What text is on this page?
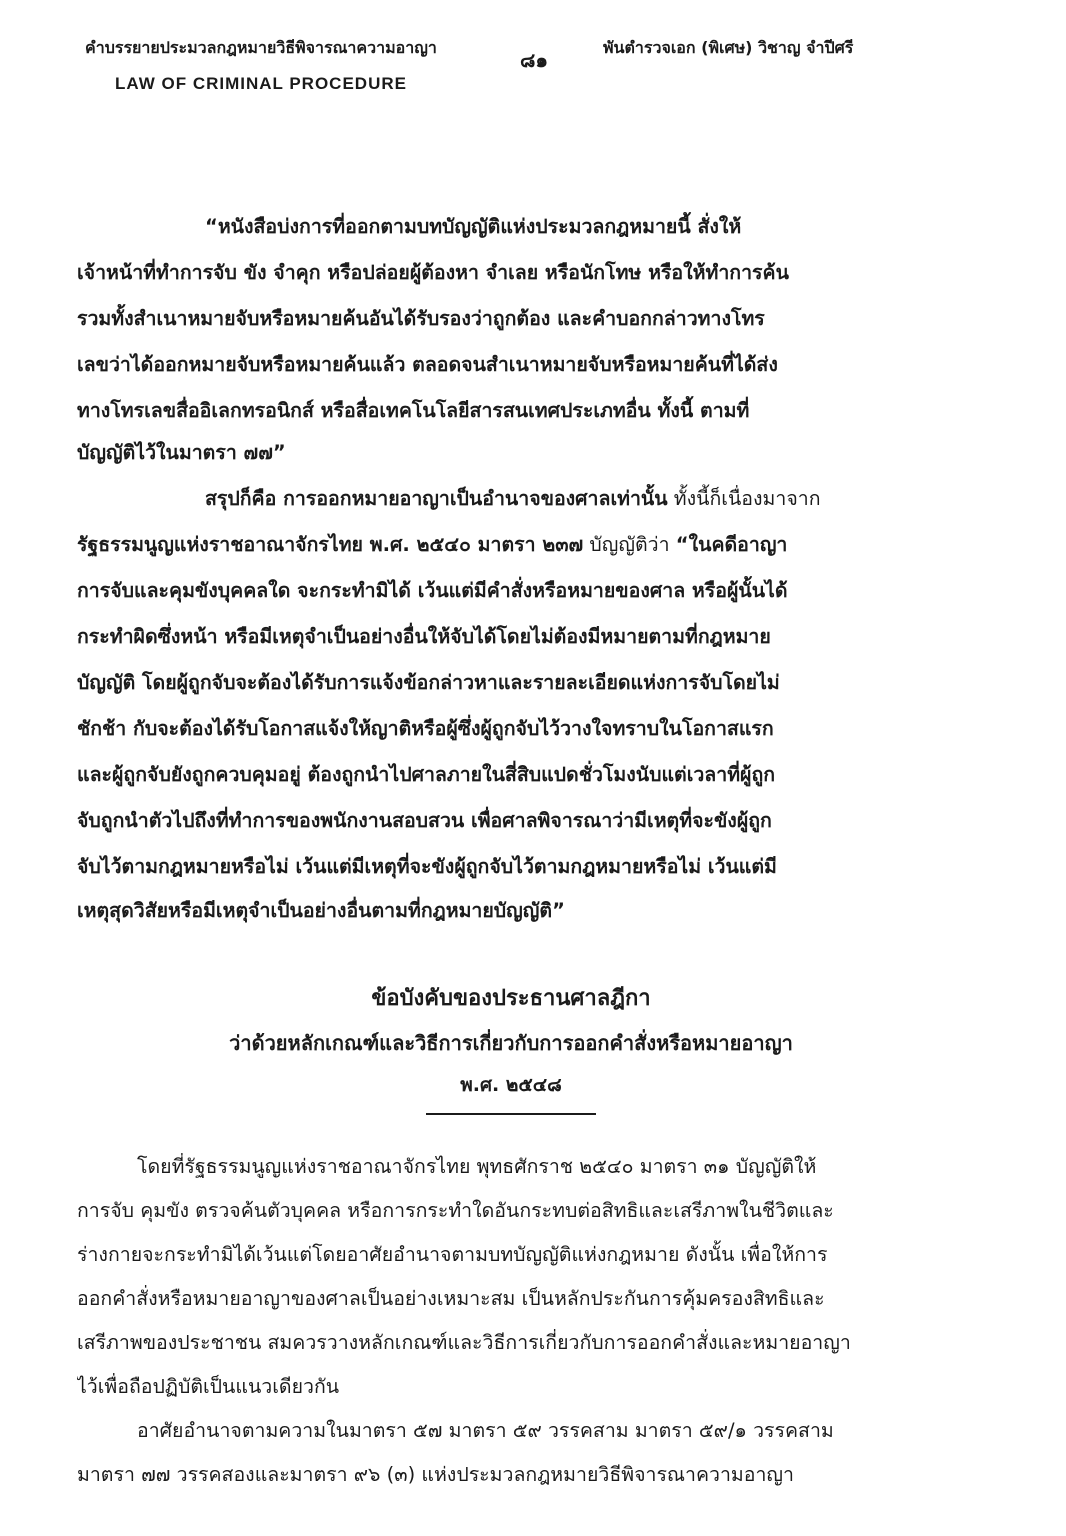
คำบรรยายประมวลกฎหมายวิธีพิจารณาความอาญา
๘๑
พันตำรวจเอก (พิเศษ) วิชาญ จำปีศรี
LAW OF CRIMINAL PROCEDURE
“หนังสือบ่งการที่ออกตามบทบัญญัติแห่งประมวลกฎหมายนี้ สั่งให้
เจ้าหน้าที่ทำการจับ ขัง จำคุก หรือปล่อยผู้ต้องหา จำเลย หรือนักโทษ หรือให้ทำการค้น
รวมทั้งสำเนาหมายจับหรือหมายค้นอันได้รับรองว่าถูกต้อง และคำบอกกล่าวทางโทร
เลขว่าได้ออกหมายจับหรือหมายค้นแล้ว ตลอดจนสำเนาหมายจับหรือหมายค้นที่ได้ส่ง
ทางโทรเลขสื่ออิเลกทรอนิกส์ หรือสื่อเทคโนโลยีสารสนเทศประเภทอื่น ทั้งนี้ ตามที่
บัญญัติไว้ในมาตรา ๗๗”
สรุปก็คือ การออกหมายอาญาเป็นอำนาจของศาลเท่านั้น ทั้งนี้ก็เนื่องมาจาก
รัฐธรรมนูญแห่งราชอาณาจักรไทย พ.ศ. ๒๕๔๐ มาตรา ๒๓๗ บัญญัติว่า “ในคดีอาญา
การจับและคุมขังบุคคลใด จะกระทำมิได้ เว้นแต่มีคำสั่งหรือหมายของศาล หรือผู้นั้นได้
กระทำผิดซึ่งหน้า หรือมีเหตุจำเป็นอย่างอื่นให้จับได้โดยไม่ต้องมีหมายตามที่กฎหมาย
บัญญัติ โดยผู้ถูกจับจะต้องได้รับการแจ้งข้อกล่าวหาและรายละเอียดแห่งการจับโดยไม่
ชักช้า กับจะต้องได้รับโอกาสแจ้งให้ญาติหรือผู้ซึ่งผู้ถูกจับไว้วางใจทราบในโอกาสแรก
และผู้ถูกจับยังถูกควบคุมอยู่ ต้องถูกนำไปศาลภายในสี่สิบแปดชั่วโมงนับแต่เวลาที่ผู้ถูก
จับถูกนำตัวไปถึงที่ทำการของพนักงานสอบสวน เพื่อศาลพิจารณาว่ามีเหตุที่จะขังผู้ถูก
จับไว้ตามกฎหมายหรือไม่ เว้นแต่มีเหตุที่จะขังผู้ถูกจับไว้ตามกฎหมายหรือไม่ เว้นแต่มี
เหตุสุดวิสัยหรือมีเหตุจำเป็นอย่างอื่นตามที่กฎหมายบัญญัติ”
ข้อบังคับของประธานศาลฎีกา
ว่าด้วยหลักเกณฑ์และวิธีการเกี่ยวกับการออกคำสั่งหรือหมายอาญา
พ.ศ. ๒๕๔๘
โดยที่รัฐธรรมนูญแห่งราชอาณาจักรไทย พุทธศักราช ๒๕๔๐ มาตรา ๓๑ บัญญัติให้
การจับ คุมขัง ตรวจค้นตัวบุคคล หรือการกระทำใดอันกระทบต่อสิทธิและเสรีภาพในชีวิตและ
ร่างกายจะกระทำมิได้เว้นแต่โดยอาศัยอำนาจตามบทบัญญัติแห่งกฎหมาย ดังนั้น เพื่อให้การ
ออกคำสั่งหรือหมายอาญาของศาลเป็นอย่างเหมาะสม เป็นหลักประกันการคุ้มครองสิทธิและ
เสรีภาพของประชาชน สมควรวางหลักเกณฑ์และวิธีการเกี่ยวกับการออกคำสั่งและหมายอาญา
ไว้เพื่อถือปฏิบัติเป็นแนวเดียวกัน
อาศัยอำนาจตามความในมาตรา ๕๗ มาตรา ๕๙ วรรคสาม มาตรา ๕๙/๑ วรรคสาม
มาตรา ๗๗ วรรคสองและมาตรา ๙๖ (๓) แห่งประมวลกฎหมายวิธีพิจารณาความอาญา
